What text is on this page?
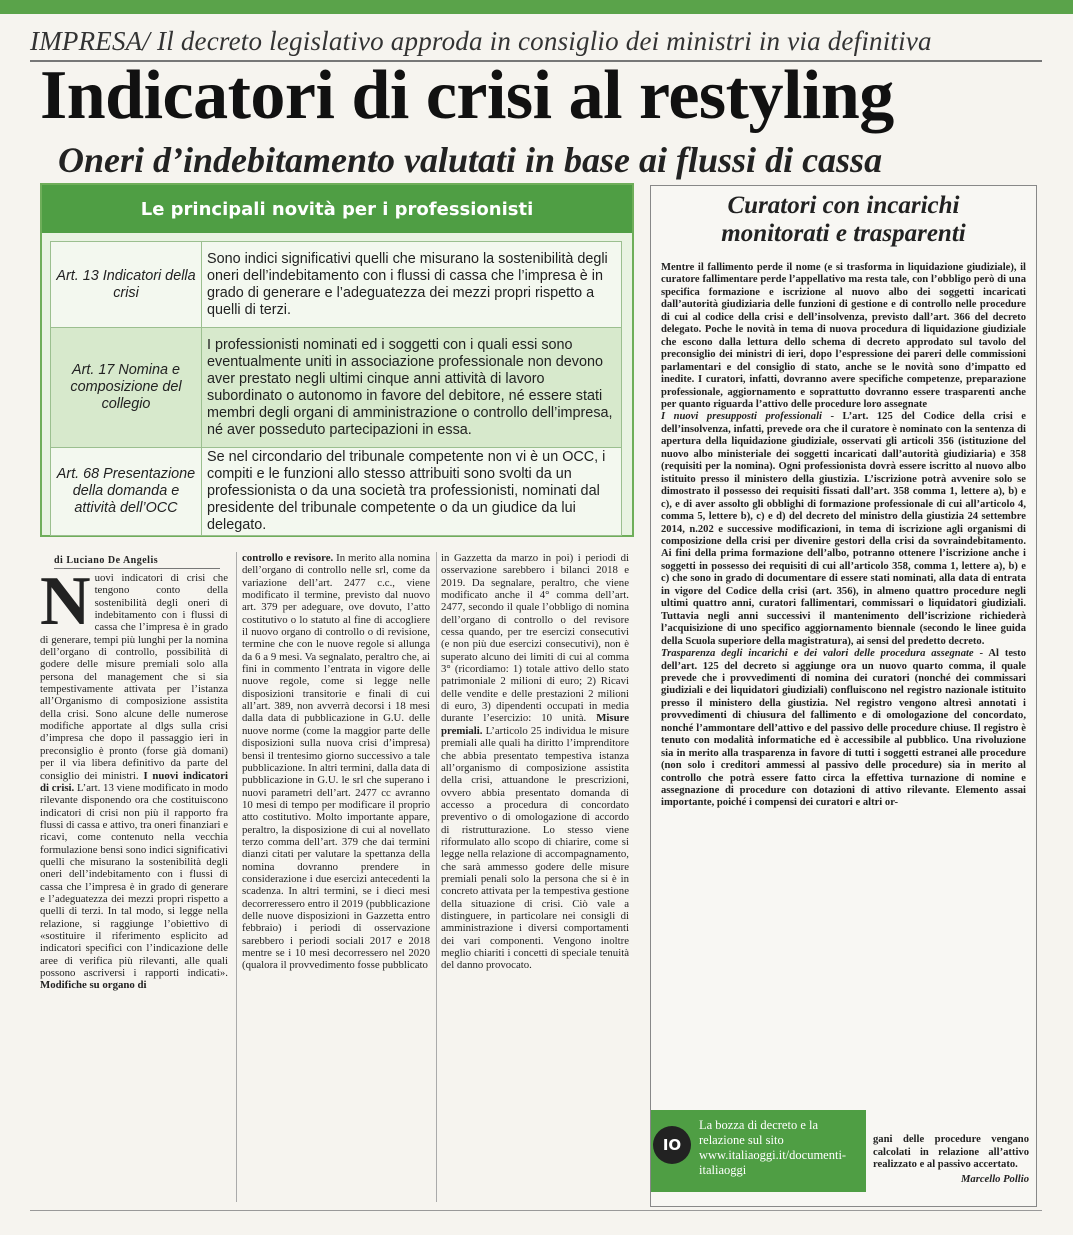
IMPRESA/ Il decreto legislativo approda in consiglio dei ministri in via definitiva
Indicatori di crisi al restyling
Oneri d’indebitamento valutati in base ai flussi di cassa
Le principali novità per i professionisti
Art. 13 Indicatori della crisi	Sono indici significativi quelli che misurano la sostenibilità degli oneri dell’indebitamento con i flussi di cassa che l’impresa è in grado di generare e l’adeguatezza dei mezzi propri rispetto a quelli di terzi.
Art. 17 Nomina e composizione del collegio	I professionisti nominati ed i soggetti con i quali essi sono eventualmente uniti in associazione professionale non devono aver prestato negli ultimi cinque anni attività di lavoro subordinato o autonomo in favore del debitore, né essere stati membri degli organi di amministrazione o controllo dell’impresa, né aver posseduto partecipazioni in essa.
Art. 68 Presentazione della domanda e attività dell’OCC	Se nel circondario del tribunale competente non vi è un OCC, i compiti e le funzioni allo stesso attribuiti sono svolti da un professionista o da una società tra professionisti, nominati dal presidente del tribunale competente o da un giudice da lui delegato.
di Luciano De Angelis
N uovi indicatori di crisi che tengono conto della sostenibilità degli oneri di indebitamento con i flussi di cassa che l’impresa è in grado di generare, tempi più lunghi per la nomina dell’organo di controllo, possibilità di godere delle misure premiali solo alla persona del management che si sia tempestivamente attivata per l’istanza all’Organismo di composizione assistita della crisi. Sono alcune delle numerose modifiche apportate al dlgs sulla crisi d’impresa che dopo il passaggio ieri in preconsiglio è pronto (forse già domani) per il via libera definitivo da parte del consiglio dei ministri. I nuovi indicatori di crisi. L’art. 13 viene modificato in modo rilevante disponendo ora che costituiscono indicatori di crisi non più il rapporto fra flussi di cassa e attivo, tra oneri finanziari e ricavi, come contenuto nella vecchia formulazione bensì sono indici significativi quelli che misurano la sostenibilità degli oneri dell’indebitamento con i flussi di cassa che l’impresa è in grado di generare e l’adeguatezza dei mezzi propri rispetto a quelli di terzi. In tal modo, si legge nella relazione, si raggiunge l’obiettivo di «sostituire il riferimento esplicito ad indicatori specifici con l’indicazione delle aree di verifica più rilevanti, alle quali possono ascriversi i rapporti indicati». Modifiche su organo di

controllo e revisore. In merito alla nomina dell’organo di controllo nelle srl, come da variazione dell’art. 2477 c.c., viene modificato il termine, previsto dal nuovo art. 379 per adeguare, ove dovuto, l’atto costitutivo o lo statuto al fine di accogliere il nuovo organo di controllo o di revisione, termine che con le nuove regole si allunga da 6 a 9 mesi. Va segnalato, peraltro che, ai fini in commento l’entrata in vigore delle nuove regole, come si legge nelle disposizioni transitorie e finali di cui all’art. 389, non avverrà decorsi i 18 mesi dalla data di pubblicazione in G.U. delle nuove norme (come la maggior parte delle disposizioni sulla nuova crisi d’impresa) bensì il trentesimo giorno successivo a tale pubblicazione. In altri termini, dalla data di pubblicazione in G.U. le srl che superano i nuovi parametri dell’art. 2477 cc avranno 10 mesi di tempo per modificare il proprio atto costitutivo. Molto importante appare, peraltro, la disposizione di cui al novellato terzo comma dell’art. 379 che dai termini dianzi citati per valutare la spettanza della nomina dovranno prendere in considerazione i due esercizi antecedenti la scadenza. In altri termini, se i dieci mesi decorreressero entro il 2019 (pubblicazione delle nuove disposizioni in Gazzetta entro febbraio) i periodi di osservazione sarebbero i periodi sociali 2017 e 2018 mentre se i 10 mesi decorressero nel 2020 (qualora il provvedimento fosse pubblicato

in Gazzetta da marzo in poi) i periodi di osservazione sarebbero i bilanci 2018 e 2019. Da segnalare, peraltro, che viene modificato anche il 4° comma dell’art. 2477, secondo il quale l’obbligo di nomina dell’organo di controllo o del revisore cessa quando, per tre esercizi consecutivi (e non più due esercizi consecutivi), non è superato alcuno dei limiti di cui al comma 3° (ricordiamo: 1) totale attivo dello stato patrimoniale 2 milioni di euro; 2) Ricavi delle vendite e delle prestazioni 2 milioni di euro, 3) dipendenti occupati in media durante l’esercizio: 10 unità. Misure premiali. L’articolo 25 individua le misure premiali alle quali ha diritto l’imprenditore che abbia presentato tempestiva istanza all’organismo di composizione assistita della crisi, attuandone le prescrizioni, ovvero abbia presentato domanda di accesso a procedura di concordato preventivo o di omologazione di accordo di ristrutturazione. Lo stesso viene riformulato allo scopo di chiarire, come si legge nella relazione di accompagnamento, che sarà ammesso godere delle misure premiali penali solo la persona che si è in concreto attivata per la tempestiva gestione della situazione di crisi. Ciò vale a distinguere, in particolare nei consigli di amministrazione i diversi comportamenti dei vari componenti. Vengono inoltre meglio chiariti i concetti di speciale tenuità del danno provocato.

Curatori con incarichi
monitorati e trasparenti

Mentre il fallimento perde il nome (e si trasforma in liquidazione giudiziale), il curatore fallimentare perde l’appellativo ma resta tale, con l’obbligo però di una specifica formazione e iscrizione al nuovo albo dei soggetti incaricati dall’autorità giudiziaria delle funzioni di gestione e di controllo nelle procedure di cui al codice della crisi e dell’insolvenza, previsto dall’art. 366 del decreto delegato. Poche le novità in tema di nuova procedura di liquidazione giudiziale che escono dalla lettura dello schema di decreto approdato sul tavolo del preconsiglio dei ministri di ieri, dopo l’espressione dei pareri delle commissioni parlamentari e del consiglio di stato, anche se le novità sono d’impatto ed inedite. I curatori, infatti, dovranno avere specifiche competenze, preparazione professionale, aggiornamento e soprattutto dovranno essere trasparenti anche per quanto riguarda l’attivo delle procedure loro assegnate

I nuovi presupposti professionali - L’art. 125 del Codice della crisi e dell’insolvenza, infatti, prevede ora che il curatore è nominato con la sentenza di apertura della liquidazione giudiziale, osservati gli articoli 356 (istituzione del nuovo albo ministeriale dei soggetti incaricati dall’autorità giudiziaria) e 358 (requisiti per la nomina). Ogni professionista dovrà essere iscritto al nuovo albo istituito presso il ministero della giustizia. L’iscrizione potrà avvenire solo se dimostrato il possesso dei requisiti fissati dall’art. 358 comma 1, lettere a), b) e c), e di aver assolto gli obblighi di formazione professionale di cui all’articolo 4, comma 5, lettere b), c) e d) del decreto del ministro della giustizia 24 settembre 2014, n.202 e successive modificazioni, in tema di iscrizione agli organismi di composizione della crisi per divenire gestori della crisi da sovraindebitamento. Ai fini della prima formazione dell’albo, potranno ottenere l’iscrizione anche i soggetti in possesso dei requisiti di cui all’articolo 358, comma 1, lettere a), b) e c) che sono in grado di documentare di essere stati nominati, alla data di entrata in vigore del Codice della crisi (art. 356), in almeno quattro procedure negli ultimi quattro anni, curatori fallimentari, commissari o liquidatori giudiziali. Tuttavia negli anni successivi il mantenimento dell’iscrizione richiederà l’acquisizione di uno specifico aggiornamento biennale (secondo le linee guida della Scuola superiore della magistratura), ai sensi del predetto decreto.

Trasparenza degli incarichi e dei valori delle procedura assegnate - Al testo dell’art. 125 del decreto si aggiunge ora un nuovo quarto comma, il quale prevede che i provvedimenti di nomina dei curatori (nonché dei commissari giudiziali e dei liquidatori giudiziali) confluiscono nel registro nazionale istituito presso il ministero della giustizia. Nel registro vengono altresì annotati i provvedimenti di chiusura del fallimento e di omologazione del concordato, nonché l’ammontare dell’attivo e del passivo delle procedure chiuse. Il registro è tenuto con modalità informatiche ed è accessibile al pubblico. Una rivoluzione sia in merito alla trasparenza in favore di tutti i soggetti estranei alle procedure (non solo i creditori ammessi al passivo delle procedure) sia in merito al controllo che potrà essere fatto circa la effettiva turnazione di nomine e assegnazione di procedure con dotazioni di attivo rilevante. Elemento assai importante, poiché i compensi dei curatori e altri or-

IO
La bozza di decreto e la relazione sul sito www.italiaoggi.it/documenti-italiaoggi
gani delle procedure vengano calcolati in relazione all’attivo realizzato e al passivo accertato.
Marcello Pollio
